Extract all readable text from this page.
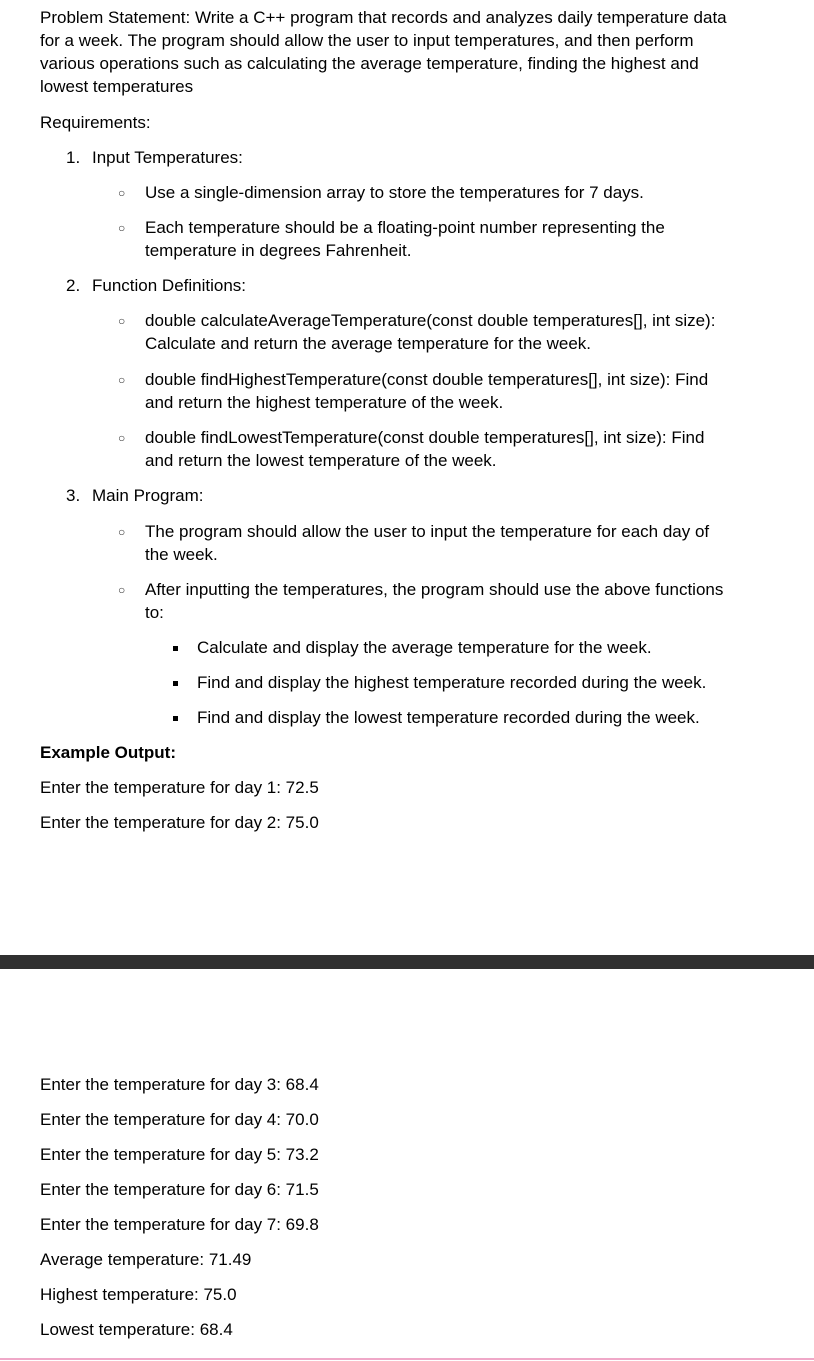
Problem Statement: Write a C++ program that records and analyzes daily temperature data for a week. The program should allow the user to input temperatures, and then perform various operations such as calculating the average temperature, finding the highest and lowest temperatures
Requirements:
1. Input Temperatures:
○ Use a single-dimension array to store the temperatures for 7 days.
○ Each temperature should be a floating-point number representing the temperature in degrees Fahrenheit.
2. Function Definitions:
○ double calculateAverageTemperature(const double temperatures[], int size): Calculate and return the average temperature for the week.
○ double findHighestTemperature(const double temperatures[], int size): Find and return the highest temperature of the week.
○ double findLowestTemperature(const double temperatures[], int size): Find and return the lowest temperature of the week.
3. Main Program:
○ The program should allow the user to input the temperature for each day of the week.
○ After inputting the temperatures, the program should use the above functions to:
Calculate and display the average temperature for the week.
Find and display the highest temperature recorded during the week.
Find and display the lowest temperature recorded during the week.
Example Output:
Enter the temperature for day 1: 72.5
Enter the temperature for day 2: 75.0
Enter the temperature for day 3: 68.4
Enter the temperature for day 4: 70.0
Enter the temperature for day 5: 73.2
Enter the temperature for day 6: 71.5
Enter the temperature for day 7: 69.8
Average temperature: 71.49
Highest temperature: 75.0
Lowest temperature: 68.4
